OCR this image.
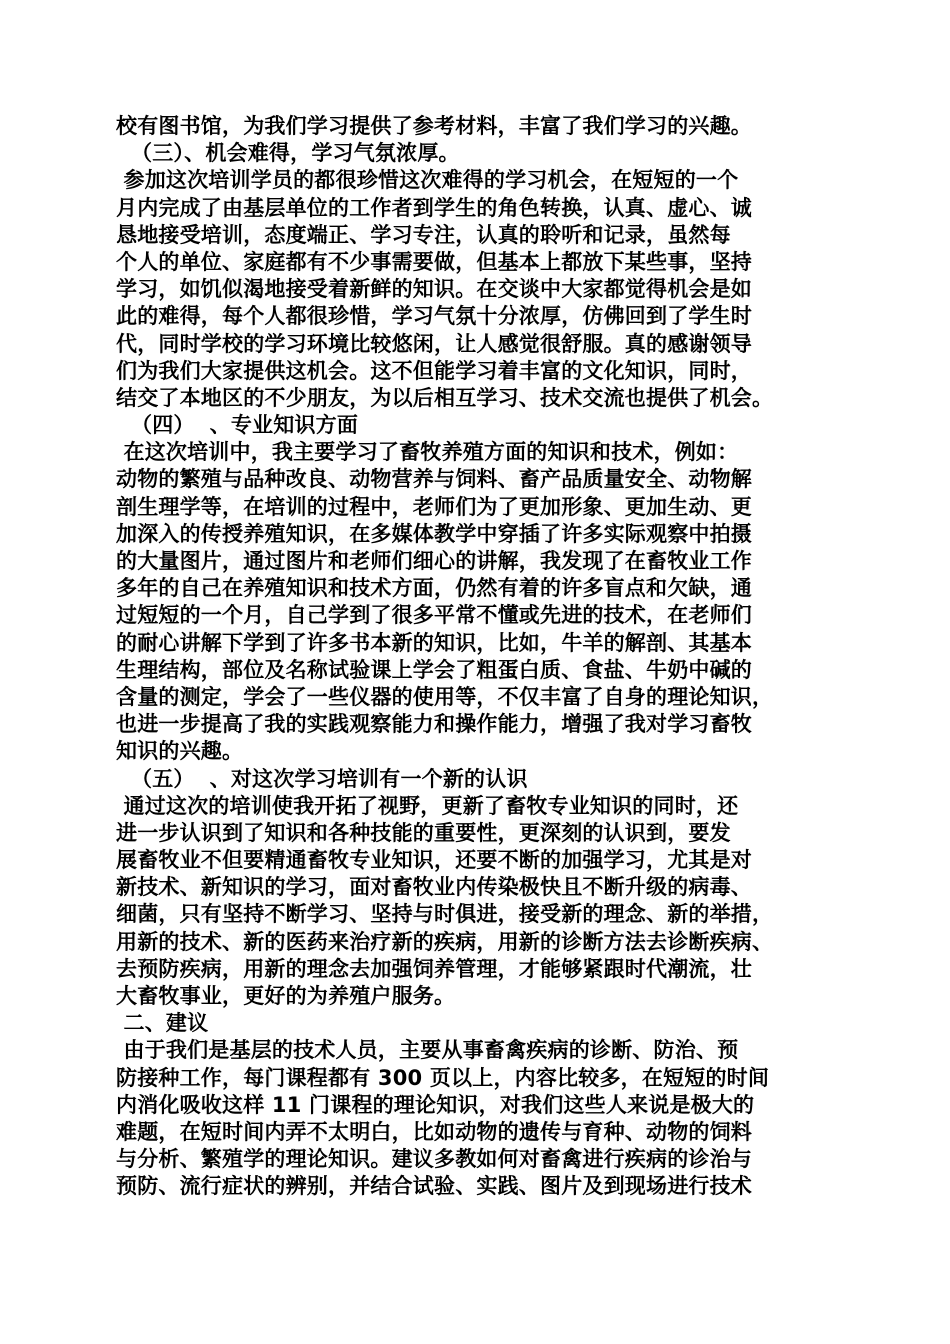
校有图书馆，为我们学习提供了参考材料，丰富了我们学习的兴趣。
（三）、机会难得，学习气氛浓厚。
参加这次培训学员的都很珍惜这次难得的学习机会，在短短的一个
月内完成了由基层单位的工作者到学生的角色转换，认真、虚心、诚
恳地接受培训，态度端正、学习专注，认真的聆听和记录，虽然每
个人的单位、家庭都有不少事需要做，但基本上都放下某些事，坚持
学习，如饥似渴地接受着新鲜的知识。在交谈中大家都觉得机会是如
此的难得，每个人都很珍惜，学习气氛十分浓厚，仿佛回到了学生时
代，同时学校的学习环境比较悠闲，让人感觉很舒服。真的感谢领导
们为我们大家提供这机会。这不但能学习着丰富的文化知识，同时，
结交了本地区的不少朋友，为以后相互学习、技术交流也提供了机会。
（四）  、专业知识方面
在这次培训中，我主要学习了畜牧养殖方面的知识和技术，例如：
动物的繁殖与品种改良、动物营养与饲料、畜产品质量安全、动物解
剖生理学等，在培训的过程中，老师们为了更加形象、更加生动、更
加深入的传授养殖知识，在多媒体教学中穿插了许多实际观察中拍摄
的大量图片，通过图片和老师们细心的讲解，我发现了在畜牧业工作
多年的自己在养殖知识和技术方面，仍然有着的许多盲点和欠缺，通
过短短的一个月，自己学到了很多平常不懂或先进的技术，在老师们
的耐心讲解下学到了许多书本新的知识，比如，牛羊的解剖、其基本
生理结构，部位及名称试验课上学会了粗蛋白质、食盐、牛奶中碱的
含量的测定，学会了一些仪器的使用等，不仅丰富了自身的理论知识，
也进一步提高了我的实践观察能力和操作能力，增强了我对学习畜牧
知识的兴趣。
（五）  、对这次学习培训有一个新的认识
通过这次的培训使我开拓了视野，更新了畜牧专业知识的同时，还
进一步认识到了知识和各种技能的重要性，更深刻的认识到，要发
展畜牧业不但要精通畜牧专业知识，还要不断的加强学习，尤其是对
新技术、新知识的学习，面对畜牧业内传染极快且不断升级的病毒、
细菌，只有坚持不断学习、坚持与时俱进，接受新的理念、新的举措，
用新的技术、新的医药来治疗新的疾病，用新的诊断方法去诊断疾病、
去预防疾病，用新的理念去加强饲养管理，才能够紧跟时代潮流，壮
大畜牧事业，更好的为养殖户服务。
二、建议
由于我们是基层的技术人员，主要从事畜禽疾病的诊断、防治、预
防接种工作，每门课程都有 300 页以上，内容比较多，在短短的时间
内消化吸收这样 11 门课程的理论知识，对我们这些人来说是极大的
难题，在短时间内弄不太明白，比如动物的遗传与育种、动物的饲料
与分析、繁殖学的理论知识。建议多教如何对畜禽进行疾病的诊治与
预防、流行症状的辨别，并结合试验、实践、图片及到现场进行技术
